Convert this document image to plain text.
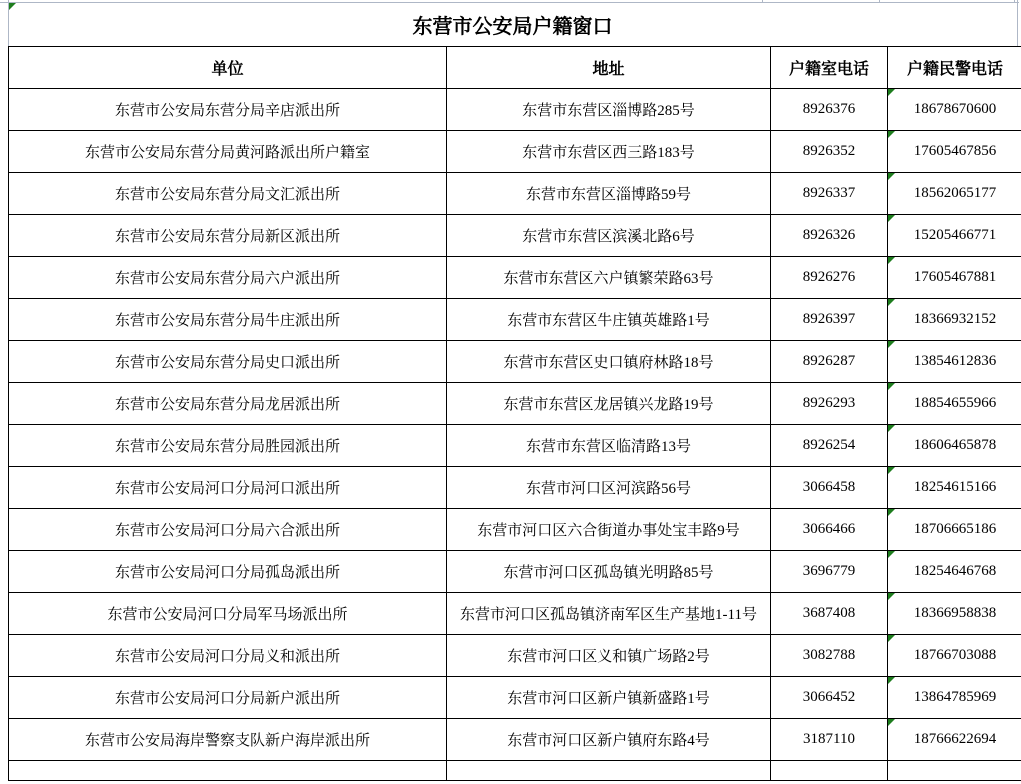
东营市公安局户籍窗口
单位	地址	户籍室电话	户籍民警电话
东营市公安局东营分局辛店派出所	东营市东营区淄博路285号	8926376	18678670600
东营市公安局东营分局黄河路派出所户籍室	东营市东营区西三路183号	8926352	17605467856
东营市公安局东营分局文汇派出所	东营市东营区淄博路59号	8926337	18562065177
东营市公安局东营分局新区派出所	东营市东营区滨溪北路6号	8926326	15205466771
东营市公安局东营分局六户派出所	东营市东营区六户镇繁荣路63号	8926276	17605467881
东营市公安局东营分局牛庄派出所	东营市东营区牛庄镇英雄路1号	8926397	18366932152
东营市公安局东营分局史口派出所	东营市东营区史口镇府林路18号	8926287	13854612836
东营市公安局东营分局龙居派出所	东营市东营区龙居镇兴龙路19号	8926293	18854655966
东营市公安局东营分局胜园派出所	东营市东营区临清路13号	8926254	18606465878
东营市公安局河口分局河口派出所	东营市河口区河滨路56号	3066458	18254615166
东营市公安局河口分局六合派出所	东营市河口区六合街道办事处宝丰路9号	3066466	18706665186
东营市公安局河口分局孤岛派出所	东营市河口区孤岛镇光明路85号	3696779	18254646768
东营市公安局河口分局军马场派出所	东营市河口区孤岛镇济南军区生产基地1-11号	3687408	18366958838
东营市公安局河口分局义和派出所	东营市河口区义和镇广场路2号	3082788	18766703088
东营市公安局河口分局新户派出所	东营市河口区新户镇新盛路1号	3066452	13864785969
东营市公安局海岸警察支队新户海岸派出所	东营市河口区新户镇府东路4号	3187110	18766622694
